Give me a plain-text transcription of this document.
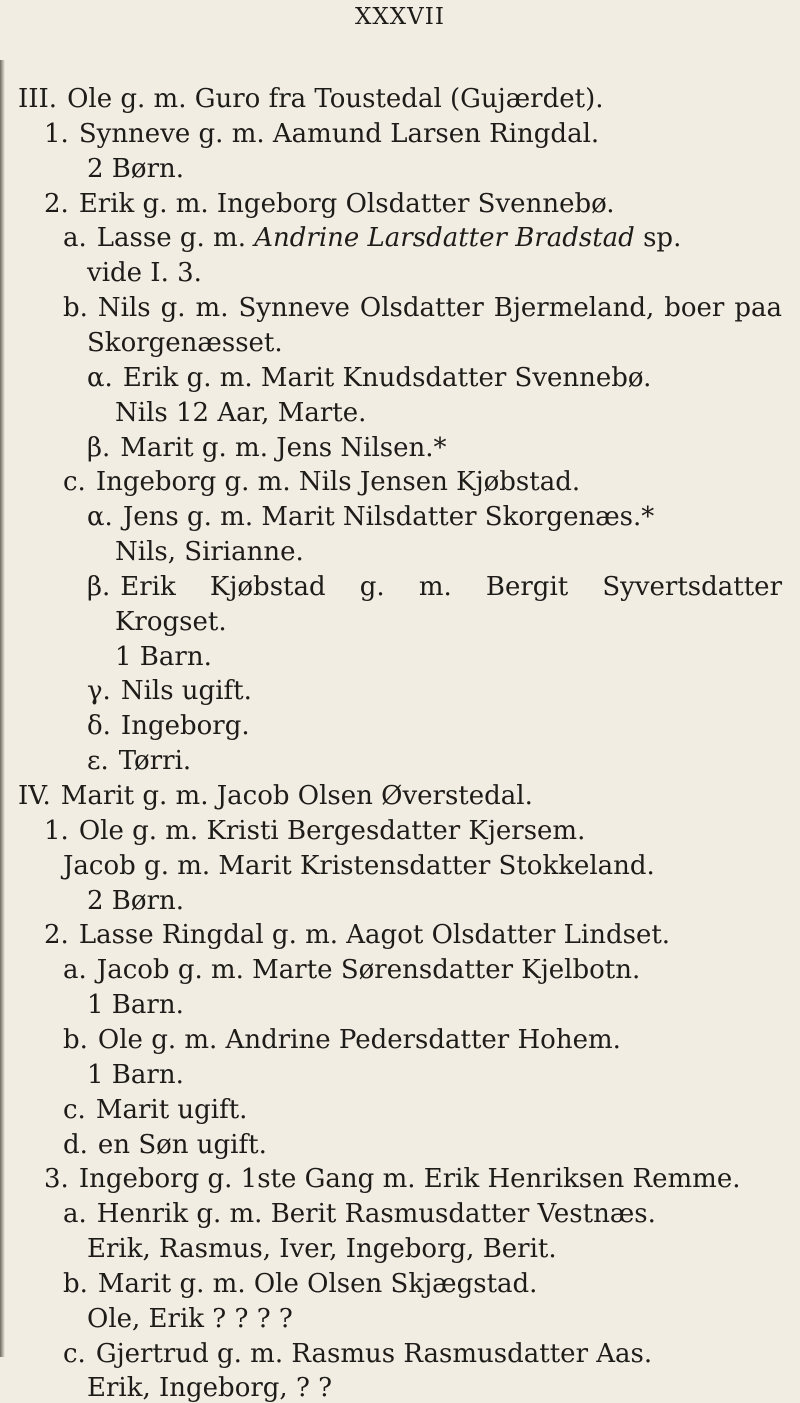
XXXVII
III. Ole g. m. Guro fra Toustedal (Gujærdet).
1. Synneve g. m. Aamund Larsen Ringdal.
2 Børn.
2. Erik g. m. Ingeborg Olsdatter Svennebø.
a. Lasse g. m. Andrine Larsdatter Bradstad sp.
vide I. 3.
b. Nils g. m. Synneve Olsdatter Bjermeland, boer paa
Skorgenæsset.
α. Erik g. m. Marit Knudsdatter Svennebø.
Nils 12 Aar, Marte.
β. Marit g. m. Jens Nilsen.*
c. Ingeborg g. m. Nils Jensen Kjøbstad.
α. Jens g. m. Marit Nilsdatter Skorgenæs.*
Nils, Sirianne.
β. Erik Kjøbstad g. m. Bergit Syvertsdatter
Krogset.
1 Barn.
γ. Nils ugift.
δ. Ingeborg.
ε. Tørri.
IV. Marit g. m. Jacob Olsen Øverstedal.
1. Ole g. m. Kristi Bergesdatter Kjersem.
Jacob g. m. Marit Kristensdatter Stokkeland.
2 Børn.
2. Lasse Ringdal g. m. Aagot Olsdatter Lindset.
a. Jacob g. m. Marte Sørensdatter Kjelbotn.
1 Barn.
b. Ole g. m. Andrine Pedersdatter Hohem.
1 Barn.
c. Marit ugift.
d. en Søn ugift.
3. Ingeborg g. 1ste Gang m. Erik Henriksen Remme.
a. Henrik g. m. Berit Rasmusdatter Vestnæs.
Erik, Rasmus, Iver, Ingeborg, Berit.
b. Marit g. m. Ole Olsen Skjægstad.
Ole, Erik ? ? ? ?
c. Gjertrud g. m. Rasmus Rasmusdatter Aas.
Erik, Ingeborg, ? ?
